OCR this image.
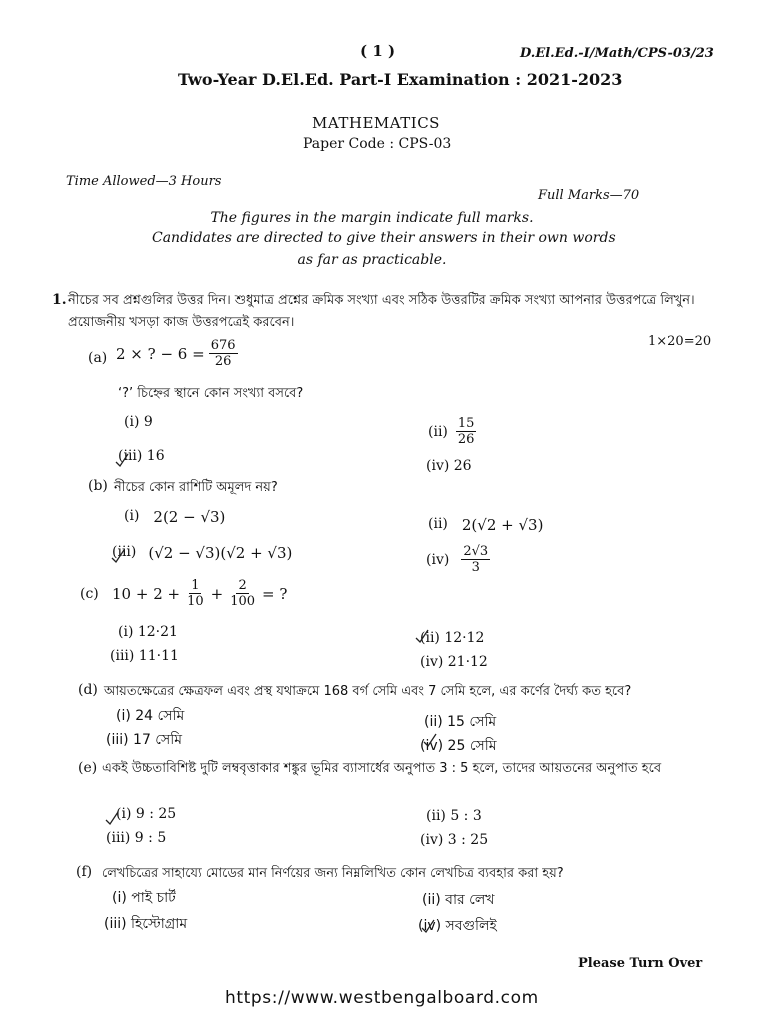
( 1 )	D.El.Ed.-I/Math/CPS-03/23
Two-Year D.El.Ed. Part-I Examination : 2021-2023
MATHEMATICS
Paper Code : CPS-03
Time Allowed—3 Hours
Full Marks—70
The figures in the margin indicate full marks.
Candidates are directed to give their answers in their own words
as far as practicable.
1. নীচের সব প্রশ্নগুলির উত্তর দিন। শুধুমাত্র প্রশ্নের ক্রমিক সংখ্যা এবং সঠিক উত্তরটির ক্রমিক সংখ্যা আপনার উত্তরপত্রে লিখুন। প্রয়োজনীয় খসড়া কাজ উত্তরপত্রেই করবেন।
1×20=20
(a) 2 × ? − $6 = \frac{676}{26}$
‘?’ চিহ্নের স্থানে কোন সংখ্যা বসবে?
(i) 9
$(ii) \frac{15}{26}$
(iii) 16
(iv) 26
(b) নীচের কোন রাশিটি অমূলদ নয়?
(i) 2(2 − √3)	(ii) 2(√2 + √3)
(iii) (√2 − √3)(√2 + √3)	$(iv) \frac{2√3}{3}$
(c) $10 + 2 + \frac{1}{10} + \frac{2}{100}$ = ?
(i) 12·21	(ii) 12·12
(iii) 11·11	(iv) 21·12
(d) আয়তক্ষেত্রের ক্ষেত্রফল এবং প্রস্থ যথাক্রমে 168 বর্গ সেমি এবং 7 সেমি হলে, এর কর্ণের দৈর্ঘ্য কত হবে?
(i) 24 সেমি	(ii) 15 সেমি
(iii) 17 সেমি	(iv) 25 সেমি
(e) একই উচ্চতাবিশিষ্ট দুটি লম্ববৃত্তাকার শঙ্কুর ভূমির ব্যাসার্ধের অনুপাত 3 : 5 হলে, তাদের আয়তনের অনুপাত হবে
(i) 9 : 25	(ii) 5 : 3
(iii) 9 : 5	(iv) 3 : 25
(f) লেখচিত্রের সাহায্যে মোডের মান নির্ণয়ের জন্য নিম্নলিখিত কোন লেখচিত্র ব্যবহার করা হয়?
(i) পাই চার্ট	(ii) বার লেখ
(iii) হিস্টোগ্রাম	(iv) সবগুলিই
Please Turn Over
https://www.westbengalboard.com
